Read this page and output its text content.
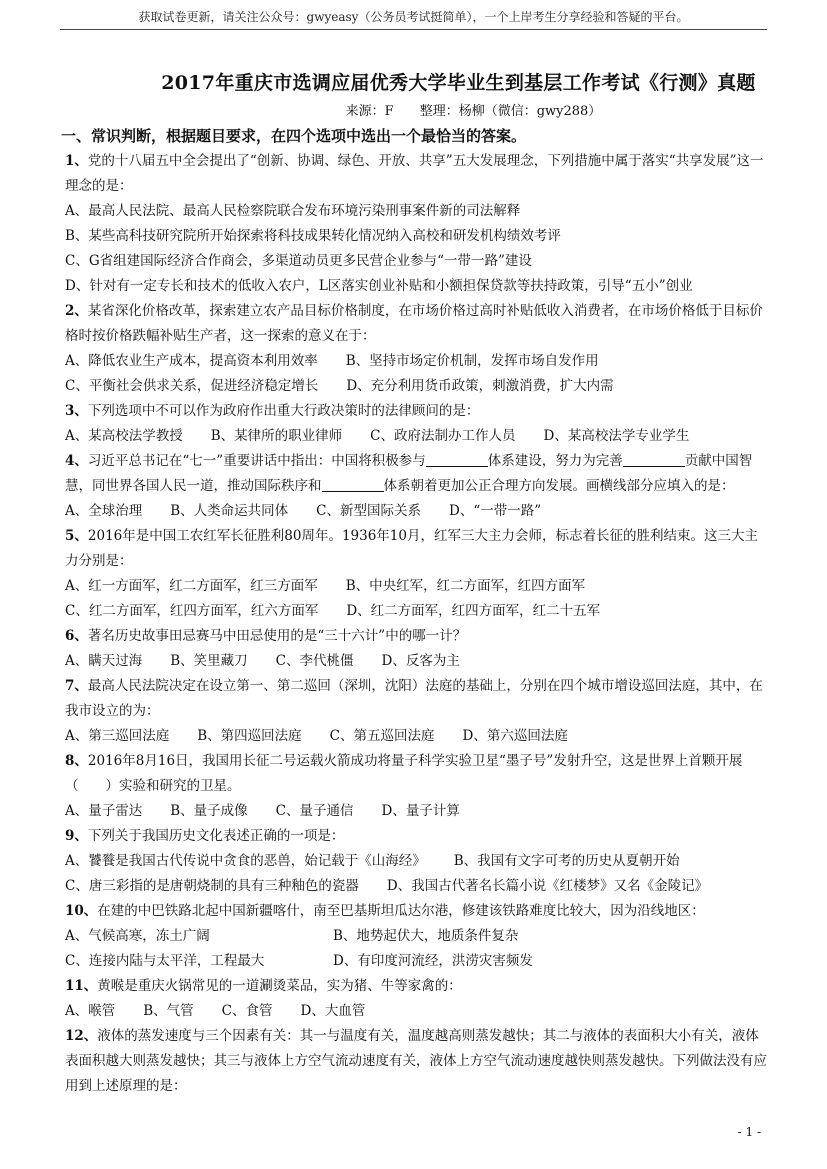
获取试卷更新，请关注公众号：gwyeasy（公务员考试挺简单），一个上岸考生分享经验和答疑的平台。
2017年重庆市选调应届优秀大学毕业生到基层工作考试《行测》真题
来源：F　　整理：杨柳（微信：gwy288）
一、常识判断，根据题目要求，在四个选项中选出一个最恰当的答案。
1、党的十八届五中全会提出了“创新、协调、绿色、开放、共享”五大发展理念，下列措施中属于落实“共享发展”这一理念的是：
A、最高人民法院、最高人民检察院联合发布环境污染刑事案件新的司法解释
B、某些高科技研究院所开始探索将科技成果转化情况纳入高校和研发机构绩效考评
C、G省组建国际经济合作商会，多渠道动员更多民营企业参与“一带一路”建设
D、针对有一定专长和技术的低收入农户，L区落实创业补贴和小额担保贷款等扶持政策，引导“五小”创业
2、某省深化价格改革，探索建立农产品目标价格制度，在市场价格过高时补贴低收入消费者，在市场价格低于目标价格时按价格跌幅补贴生产者，这一探索的意义在于：
A、降低农业生产成本，提高资本利用效率 B、坚持市场定价机制，发挥市场自发作用
C、平衡社会供求关系，促进经济稳定增长 D、充分利用货币政策，刺激消费，扩大内需
3、下列选项中不可以作为政府作出重大行政决策时的法律顾问的是：
A、某高校法学教授 B、某律所的职业律师 C、政府法制办工作人员 D、某高校法学专业学生
4、习近平总书记在“七一”重要讲话中指出：中国将积极参与	体系建设，努力为完善	贡献中国智慧，同世界各国人民一道，推动国际秩序和	体系朝着更加公正合理方向发展。画横线部分应填入的是：
A、全球治理 B、人类命运共同体 C、新型国际关系 D、“一带一路”
5、2016年是中国工农红军长征胜利80周年。1936年10月，红军三大主力会师，标志着长征的胜利结束。这三大主力分别是：
A、红一方面军，红二方面军，红三方面军 B、中央红军，红二方面军，红四方面军
C、红二方面军，红四方面军，红六方面军 D、红二方面军，红四方面军，红二十五军
6、著名历史故事田忌赛马中田忌使用的是“三十六计”中的哪一计？
A、瞒天过海 B、笑里藏刀 C、李代桃僵 D、反客为主
7、最高人民法院决定在设立第一、第二巡回（深圳，沈阳）法庭的基础上，分别在四个城市增设巡回法庭，其中，在我市设立的为：
A、第三巡回法庭 B、第四巡回法庭 C、第五巡回法庭 D、第六巡回法庭
8、2016年8月16日，我国用长征二号运载火箭成功将量子科学实验卫星“墨子号”发射升空，这是世界上首颗开展（　　）实验和研究的卫星。
A、量子雷达 B、量子成像 C、量子通信 D、量子计算
9、下列关于我国历史文化表述正确的一项是：
A、饕餮是我国古代传说中贪食的恶兽，始记载于《山海经》 B、我国有文字可考的历史从夏朝开始
C、唐三彩指的是唐朝烧制的具有三种釉色的瓷器 D、我国古代著名长篇小说《红楼梦》又名《金陵记》
10、在建的中巴铁路北起中国新疆喀什，南至巴基斯坦瓜达尔港，修建该铁路难度比较大，因为沿线地区：
A、气候高寒，冻土广阔	B、地势起伏大，地质条件复杂
C、连接内陆与太平洋，工程最大	D、有印度河流经，洪涝灾害频发
11、黄喉是重庆火锅常见的一道涮烫菜品，实为猪、牛等家禽的：
A、喉管 B、气管 C、食管 D、大血管
12、液体的蒸发速度与三个因素有关：其一与温度有关，温度越高则蒸发越快；其二与液体的表面积大小有关，液体表面积越大则蒸发越快；其三与液体上方空气流动速度有关，液体上方空气流动速度越快则蒸发越快。下列做法没有应用到上述原理的是：
- 1 -
